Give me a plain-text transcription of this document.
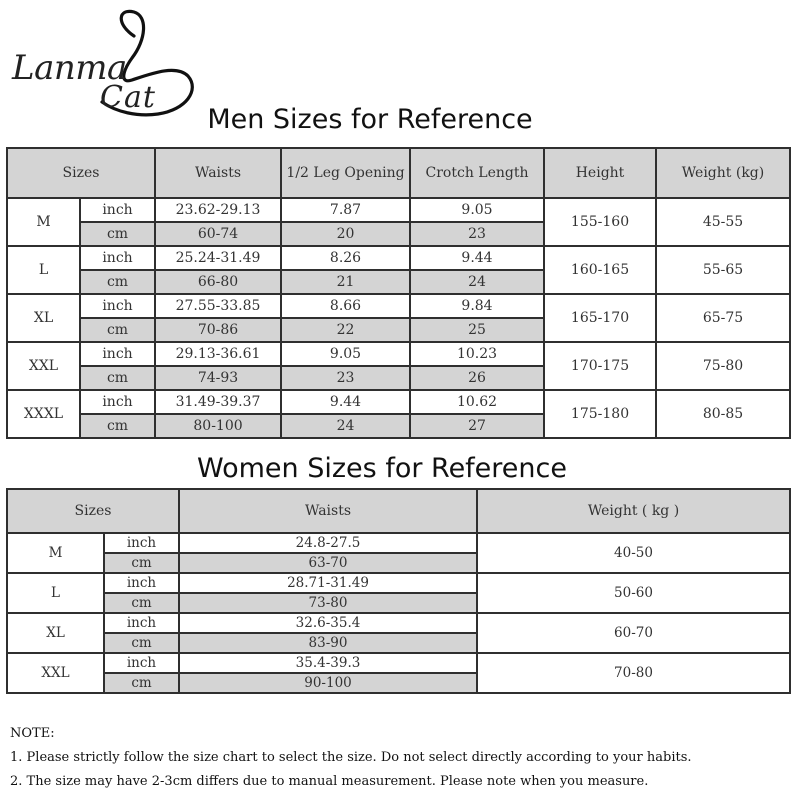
Lanma
Cat
Men Sizes for Reference
Sizes		Waists	1/2 Leg Opening	Crotch Length	Height	Weight (kg)
M	inch	23.62-29.13	7.87	9.05	155-160	45-55
	cm	60-74	20	23		
L	inch	25.24-31.49	8.26	9.44	160-165	55-65
	cm	66-80	21	24		
XL	inch	27.55-33.85	8.66	9.84	165-170	65-75
	cm	70-86	22	25		
XXL	inch	29.13-36.61	9.05	10.23	170-175	75-80
	cm	74-93	23	26		
XXXL	inch	31.49-39.37	9.44	10.62	175-180	80-85
	cm	80-100	24	27		
Women Sizes for Reference
Sizes		Waists	Weight ( kg )
M	inch	24.8-27.5	40-50
	cm	63-70	
L	inch	28.71-31.49	50-60
	cm	73-80	
XL	inch	32.6-35.4	60-70
	cm	83-90	
XXL	inch	35.4-39.3	70-80
	cm	90-100	
NOTE:
1. Please strictly follow the size chart to select the size. Do not select directly according to your habits.
2. The size may have 2-3cm differs due to manual measurement. Please note when you measure.
